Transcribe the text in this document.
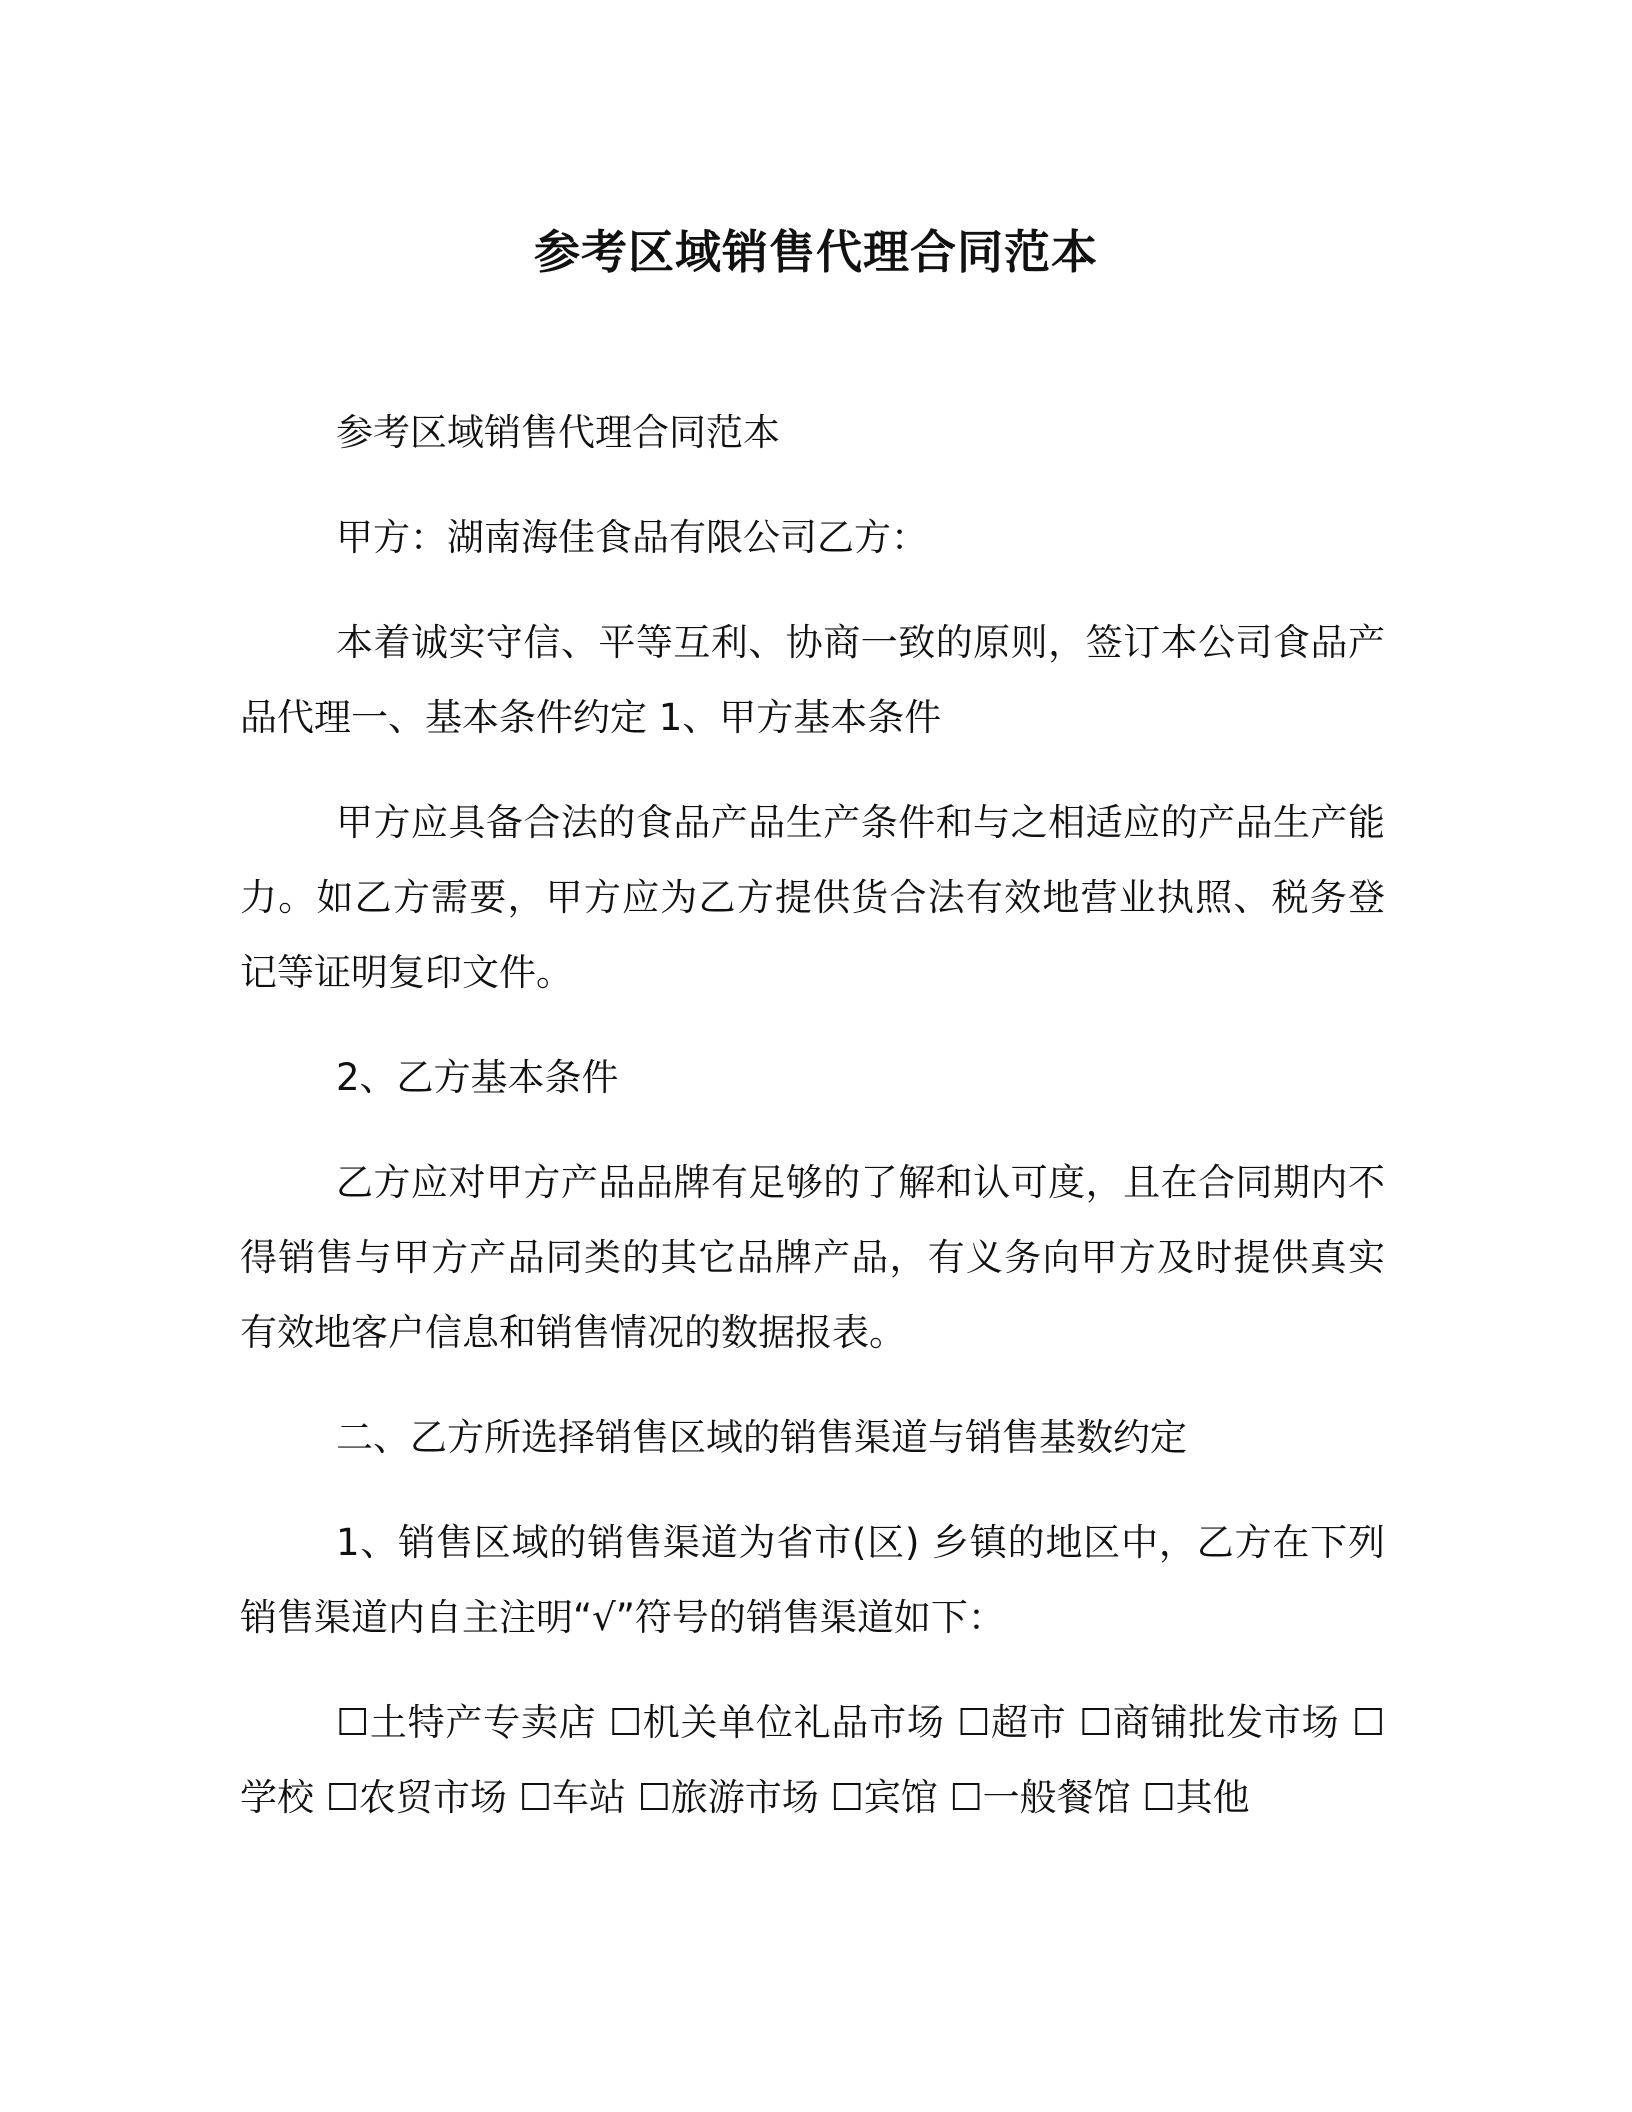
参考区域销售代理合同范本

参考区域销售代理合同范本

甲方：湖南海佳食品有限公司乙方：

本着诚实守信、平等互利、协商一致的原则，签订本公司食品产品代理一、基本条件约定 1、甲方基本条件

甲方应具备合法的食品产品生产条件和与之相适应的产品生产能力。如乙方需要，甲方应为乙方提供货合法有效地营业执照、税务登记等证明复印文件。

2、乙方基本条件

乙方应对甲方产品品牌有足够的了解和认可度，且在合同期内不得销售与甲方产品同类的其它品牌产品，有义务向甲方及时提供真实有效地客户信息和销售情况的数据报表。

二、乙方所选择销售区域的销售渠道与销售基数约定

1、销售区域的销售渠道为省市(区) 乡镇的地区中，乙方在下列销售渠道内自主注明“√”符号的销售渠道如下：

☐土特产专卖店 ☐机关单位礼品市场 ☐超市 ☐商铺批发市场 ☐学校 ☐农贸市场 ☐车站 ☐旅游市场 ☐宾馆 ☐一般餐馆 ☐其他
